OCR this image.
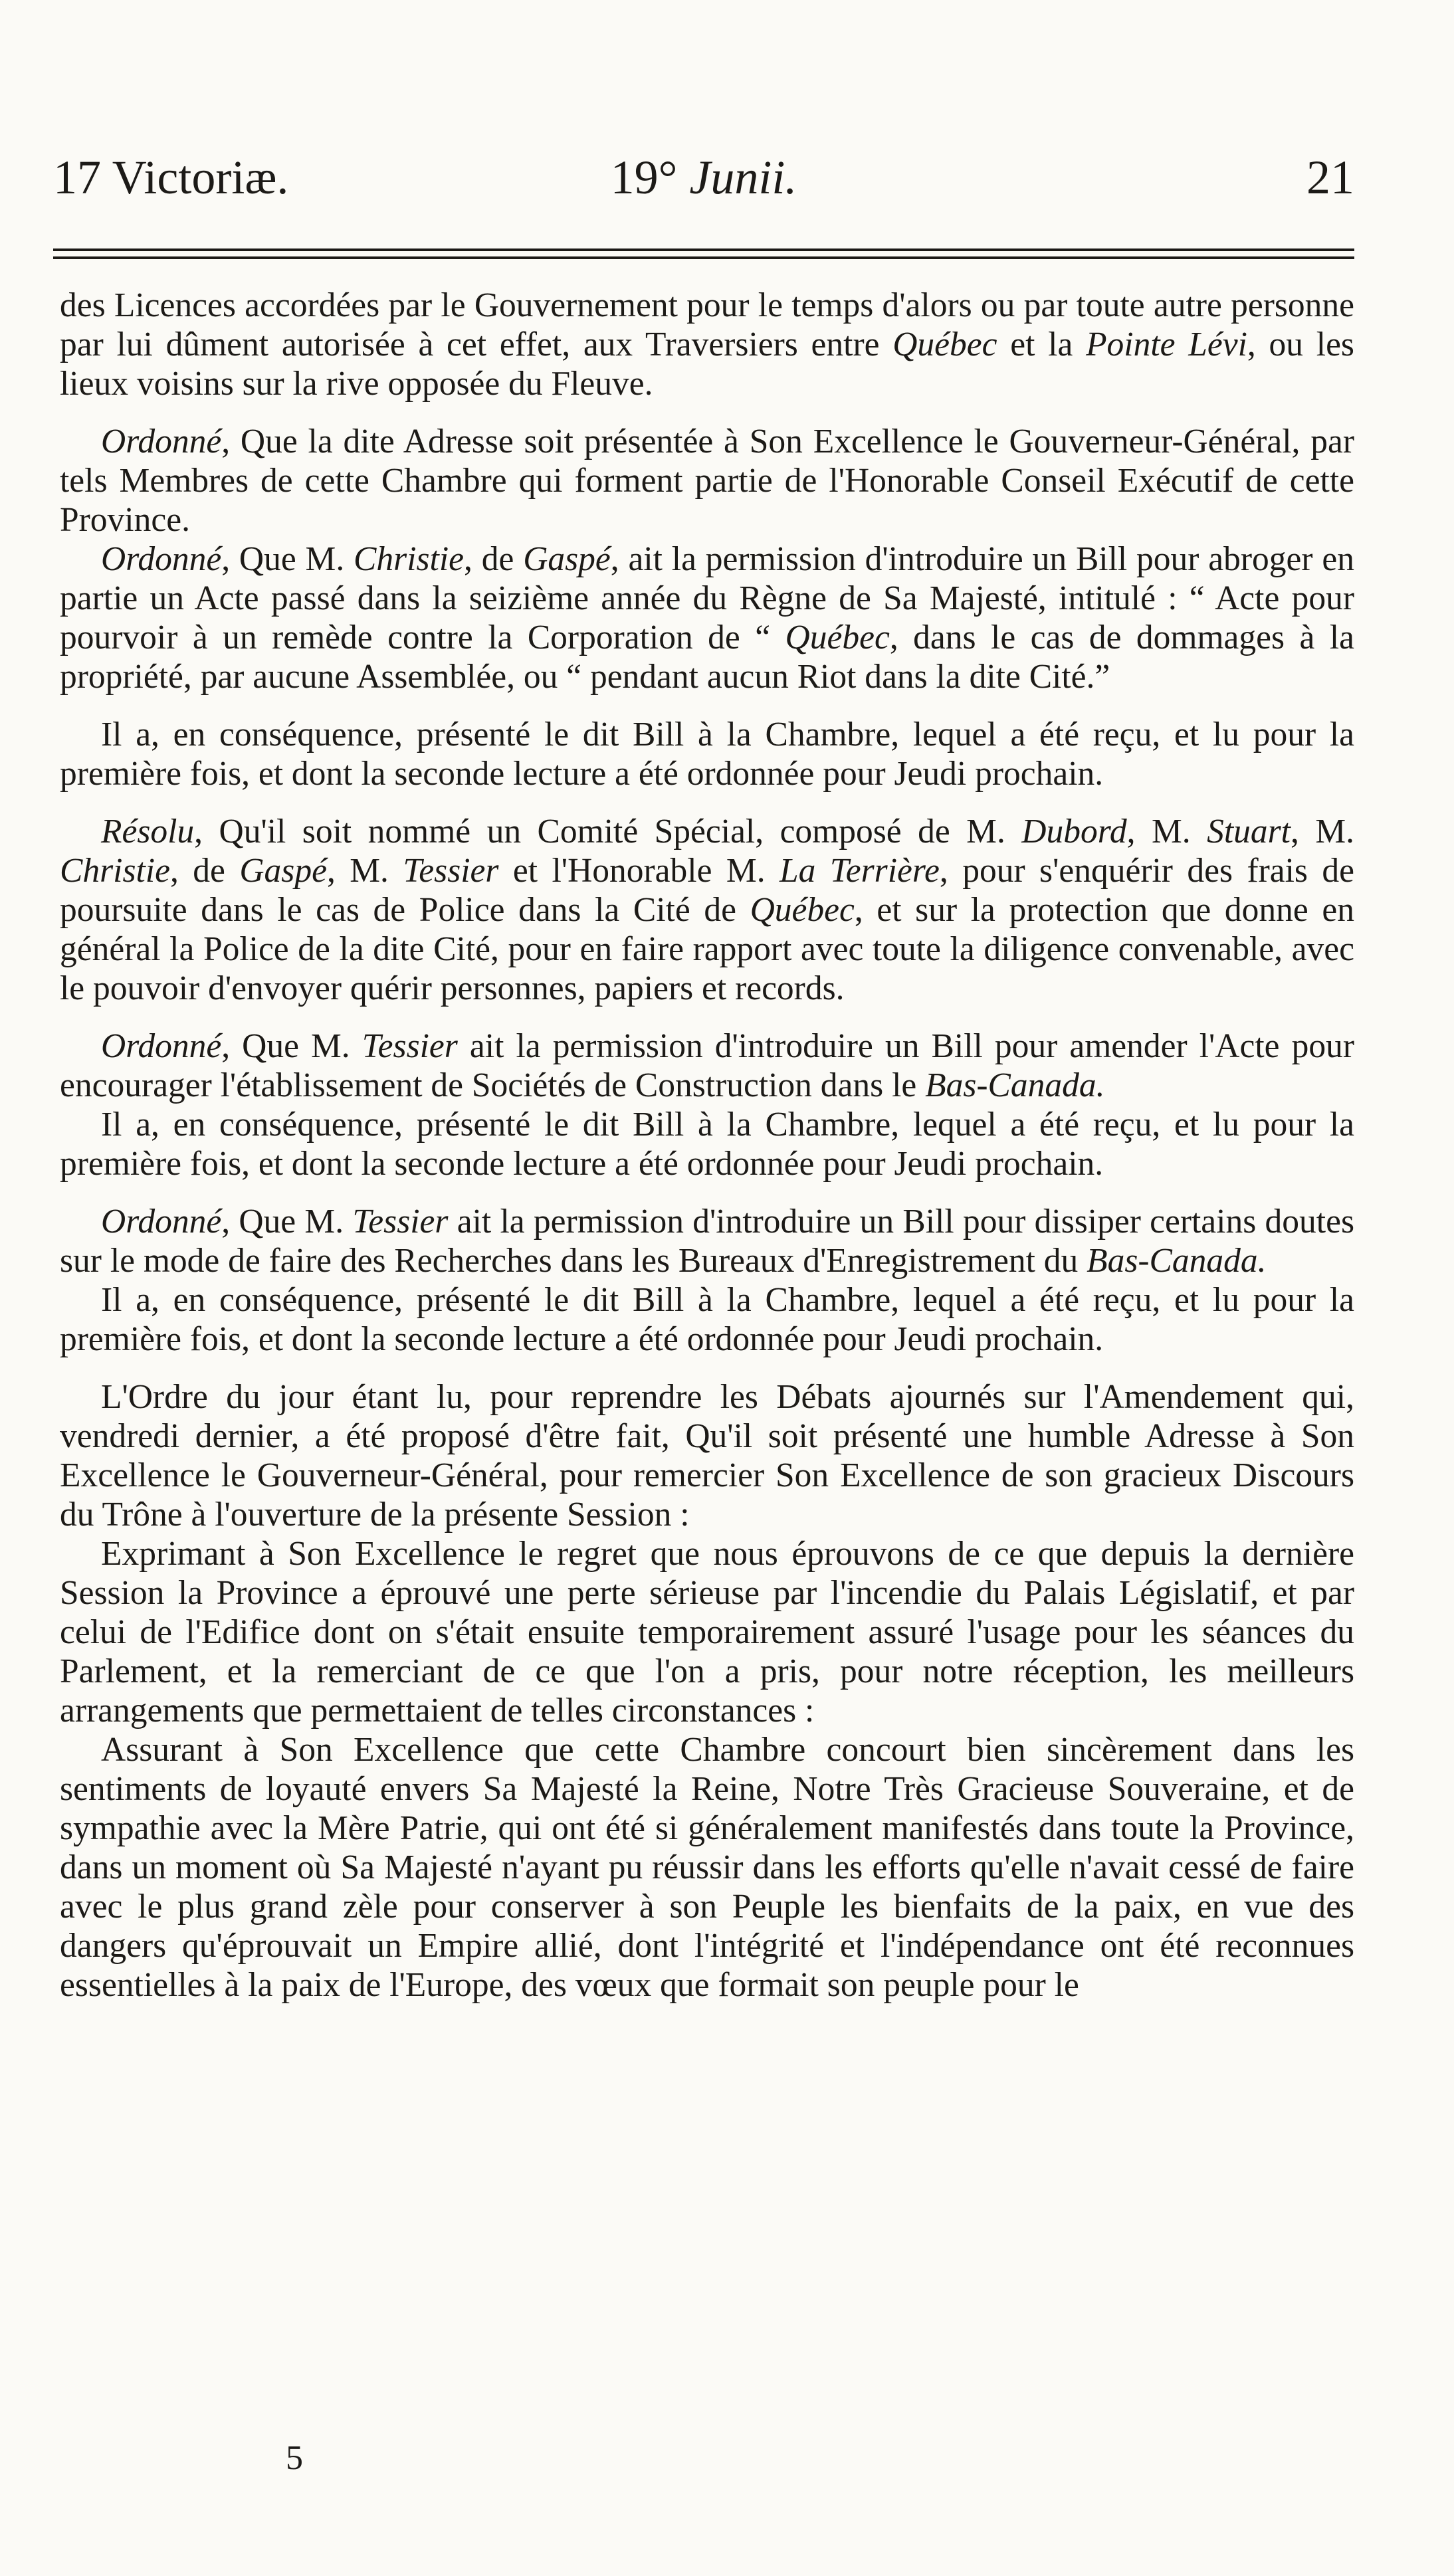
17 Victoriæ.	19° Junii.	21

des Licences accordées par le Gouvernement pour le temps d'alors ou par toute autre personne par lui dûment autorisée à cet effet, aux Traversiers entre Québec et la Pointe Lévi, ou les lieux voisins sur la rive opposée du Fleuve.

Ordonné, Que la dite Adresse soit présentée à Son Excellence le Gouverneur-Général, par tels Membres de cette Chambre qui forment partie de l'Honorable Conseil Exécutif de cette Province.

Ordonné, Que M. Christie, de Gaspé, ait la permission d'introduire un Bill pour abroger en partie un Acte passé dans la seizième année du Règne de Sa Majesté, intitulé : “ Acte pour pourvoir à un remède contre la Corporation de “ Québec, dans le cas de dommages à la propriété, par aucune Assemblée, ou “ pendant aucun Riot dans la dite Cité.”

Il a, en conséquence, présenté le dit Bill à la Chambre, lequel a été reçu, et lu pour la première fois, et dont la seconde lecture a été ordonnée pour Jeudi prochain.

Résolu, Qu'il soit nommé un Comité Spécial, composé de M. Dubord, M. Stuart, M. Christie, de Gaspé, M. Tessier et l'Honorable M. La Terrière, pour s'enquérir des frais de poursuite dans le cas de Police dans la Cité de Québec, et sur la protection que donne en général la Police de la dite Cité, pour en faire rapport avec toute la diligence convenable, avec le pouvoir d'envoyer quérir personnes, papiers et records.

Ordonné, Que M. Tessier ait la permission d'introduire un Bill pour amender l'Acte pour encourager l'établissement de Sociétés de Construction dans le Bas-Canada.

Il a, en conséquence, présenté le dit Bill à la Chambre, lequel a été reçu, et lu pour la première fois, et dont la seconde lecture a été ordonnée pour Jeudi prochain.

Ordonné, Que M. Tessier ait la permission d'introduire un Bill pour dissiper certains doutes sur le mode de faire des Recherches dans les Bureaux d'Enregistrement du Bas-Canada.

Il a, en conséquence, présenté le dit Bill à la Chambre, lequel a été reçu, et lu pour la première fois, et dont la seconde lecture a été ordonnée pour Jeudi prochain.

L'Ordre du jour étant lu, pour reprendre les Débats ajournés sur l'Amendement qui, vendredi dernier, a été proposé d'être fait, Qu'il soit présenté une humble Adresse à Son Excellence le Gouverneur-Général, pour remercier Son Excellence de son gracieux Discours du Trône à l'ouverture de la présente Session :

Exprimant à Son Excellence le regret que nous éprouvons de ce que depuis la dernière Session la Province a éprouvé une perte sérieuse par l'incendie du Palais Législatif, et par celui de l'Edifice dont on s'était ensuite temporairement assuré l'usage pour les séances du Parlement, et la remerciant de ce que l'on a pris, pour notre réception, les meilleurs arrangements que permettaient de telles circonstances :

Assurant à Son Excellence que cette Chambre concourt bien sincèrement dans les sentiments de loyauté envers Sa Majesté la Reine, Notre Très Gracieuse Souveraine, et de sympathie avec la Mère Patrie, qui ont été si généralement manifestés dans toute la Province, dans un moment où Sa Majesté n'ayant pu réussir dans les efforts qu'elle n'avait cessé de faire avec le plus grand zèle pour conserver à son Peuple les bienfaits de la paix, en vue des dangers qu'éprouvait un Empire allié, dont l'intégrité et l'indépendance ont été reconnues essentielles à la paix de l'Europe, des vœux que formait son peuple pour le

5
